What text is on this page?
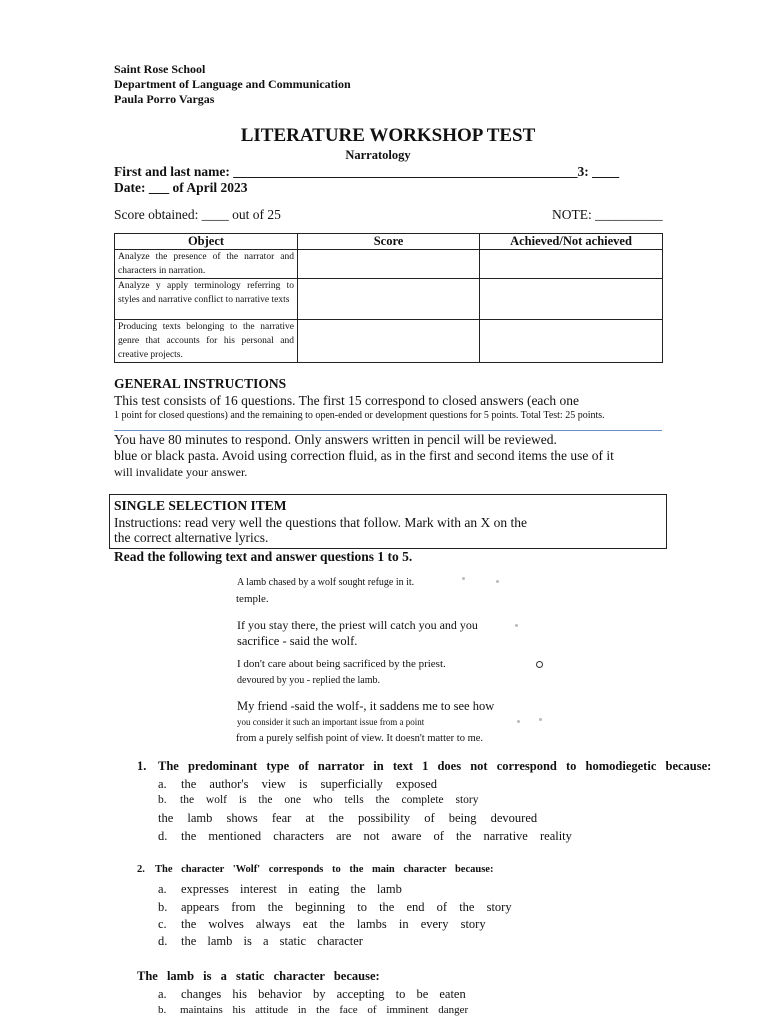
Saint Rose School
Department of Language and Communication
Paula Porro Vargas
LITERATURE WORKSHOP TEST
Narratology
First and last name: ___________________________________________________3: ____
Date: ___ of April 2023
Score obtained: ____ out of 25	NOTE: __________
Object	Score	Achieved/Not achieved
Analyze the presence of the narrator and characters in narration.		
Analyze y apply terminology referring to styles and narrative conflict to narrative texts		
Producing texts belonging to the narrative genre that accounts for his personal and creative projects.		
GENERAL INSTRUCTIONS
This test consists of 16 questions. The first 15 correspond to closed answers (each one
1 point for closed questions) and the remaining to open-ended or development questions for 5 points. Total Test: 25 points.
You have 80 minutes to respond. Only answers written in pencil will be reviewed.
blue or black pasta. Avoid using correction fluid, as in the first and second items the use of it
will invalidate your answer.
SINGLE SELECTION ITEM
Instructions: read very well the questions that follow. Mark with an X on the
the correct alternative lyrics.
Read the following text and answer questions 1 to 5.
A lamb chased by a wolf sought refuge in it.
temple.
If you stay there, the priest will catch you and you
sacrifice - said the wolf.
I don't care about being sacrificed by the priest.
devoured by you - replied the lamb.
My friend -said the wolf-, it saddens me to see how
you consider it such an important issue from a point
from a purely selfish point of view. It doesn't matter to me.
1. The predominant type of narrator in text 1 does not correspond to homodiegetic because:
a. the author's view is superficially exposed
b. the wolf is the one who tells the complete story
the lamb shows fear at the possibility of being devoured
d. the mentioned characters are not aware of the narrative reality
2. The character 'Wolf' corresponds to the main character because:
a. expresses interest in eating the lamb
b. appears from the beginning to the end of the story
c. the wolves always eat the lambs in every story
d. the lamb is a static character
The lamb is a static character because:
a. changes his behavior by accepting to be eaten
b. maintains his attitude in the face of imminent danger
